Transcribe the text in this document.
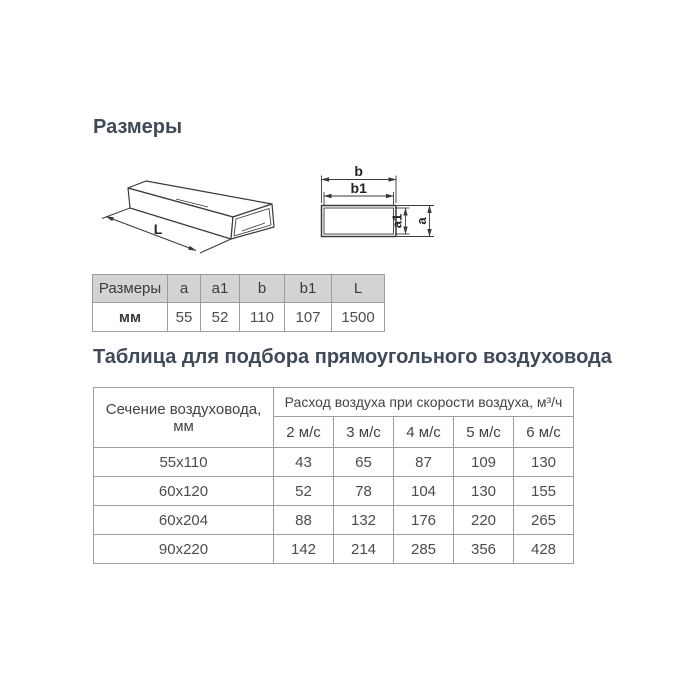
Размеры
L
b
b1
a1 a
Размеры	a	a1	b	b1	L
мм	55	52	110	107	1500
Таблица для подбора прямоугольного воздуховода
Сечение воздуховода, мм	Расход воздуха при скорости воздуха, м³/ч				
	2 м/с	3 м/с	4 м/с	5 м/с	6 м/с
55x110	43	65	87	109	130
60x120	52	78	104	130	155
60x204	88	132	176	220	265
90x220	142	214	285	356	428
